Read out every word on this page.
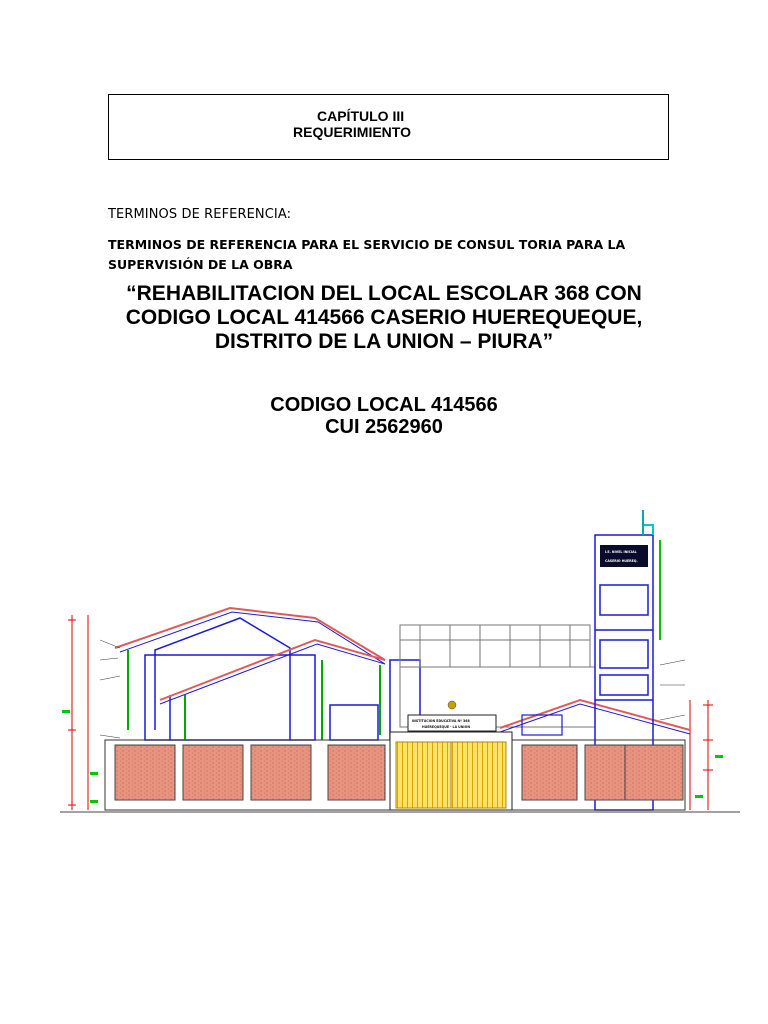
CAPÍTULO III
REQUERIMIENTO
TERMINOS DE REFERENCIA:
TERMINOS DE REFERENCIA PARA EL SERVICIO DE CONSUL TORIA PARA LA SUPERVISIÓN DE LA OBRA
“REHABILITACION DEL LOCAL ESCOLAR 368 CON CODIGO LOCAL 414566 CASERIO HUEREQUEQUE, DISTRITO DE LA UNION – PIURA”
CODIGO LOCAL 414566
CUI 2562960
INSTITUCION EDUCATIVA Nº 368
HUEREQUEQUE - LA UNION
I.E. NIVEL INICIAL
CASERIO HUEREQ.
